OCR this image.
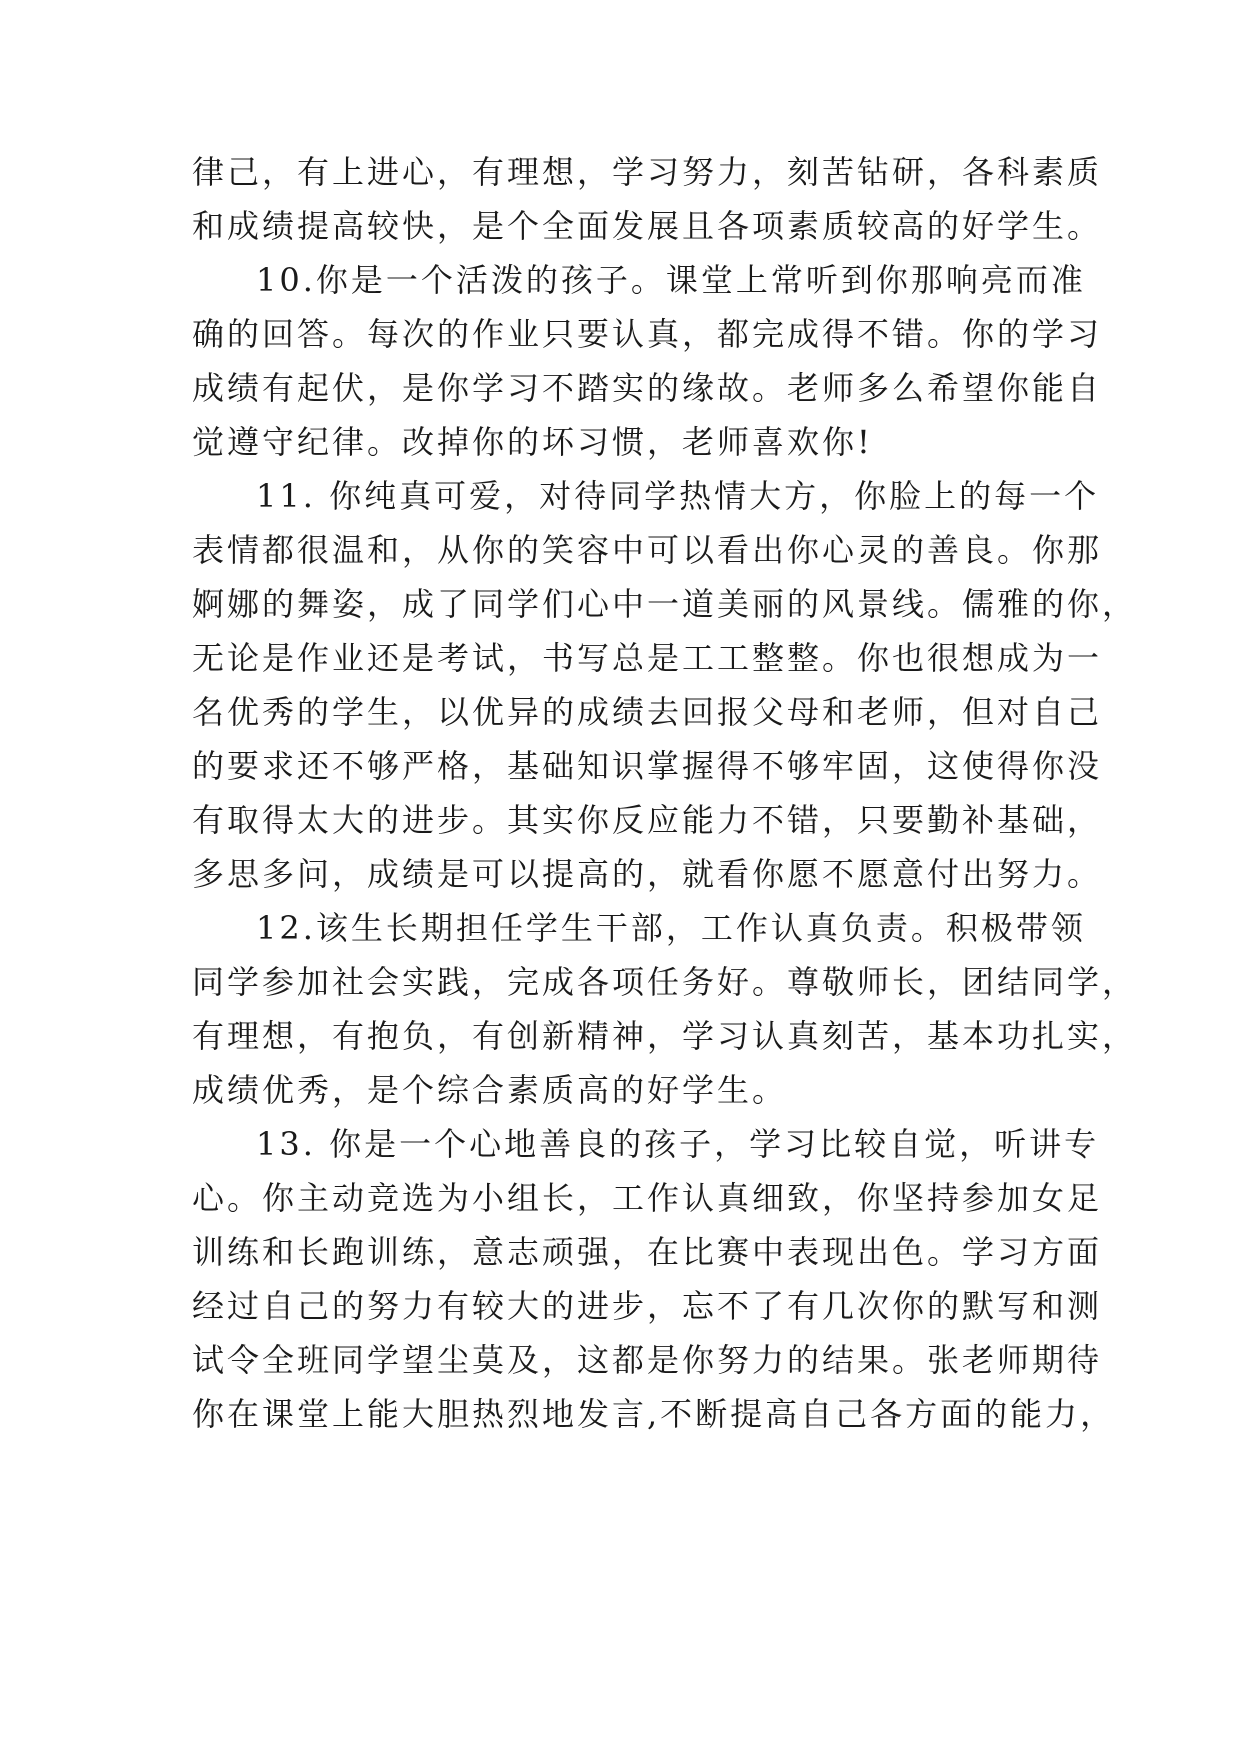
律己，有上进心，有理想，学习努力，刻苦钻研，各科素质
和成绩提高较快，是个全面发展且各项素质较高的好学生。
10.你是一个活泼的孩子。课堂上常听到你那响亮而准
确的回答。每次的作业只要认真，都完成得不错。你的学习
成绩有起伏，是你学习不踏实的缘故。老师多么希望你能自
觉遵守纪律。改掉你的坏习惯，老师喜欢你!
11. 你纯真可爱，对待同学热情大方，你脸上的每一个
表情都很温和，从你的笑容中可以看出你心灵的善良。你那
婀娜的舞姿，成了同学们心中一道美丽的风景线。儒雅的你，
无论是作业还是考试，书写总是工工整整。你也很想成为一
名优秀的学生，以优异的成绩去回报父母和老师，但对自己
的要求还不够严格，基础知识掌握得不够牢固，这使得你没
有取得太大的进步。其实你反应能力不错，只要勤补基础，
多思多问，成绩是可以提高的，就看你愿不愿意付出努力。
12.该生长期担任学生干部，工作认真负责。积极带领
同学参加社会实践，完成各项任务好。尊敬师长，团结同学，
有理想，有抱负，有创新精神，学习认真刻苦，基本功扎实，
成绩优秀，是个综合素质高的好学生。
13. 你是一个心地善良的孩子，学习比较自觉，听讲专
心。你主动竞选为小组长，工作认真细致，你坚持参加女足
训练和长跑训练，意志顽强，在比赛中表现出色。学习方面
经过自己的努力有较大的进步，忘不了有几次你的默写和测
试令全班同学望尘莫及，这都是你努力的结果。张老师期待
你在课堂上能大胆热烈地发言,不断提高自己各方面的能力，
